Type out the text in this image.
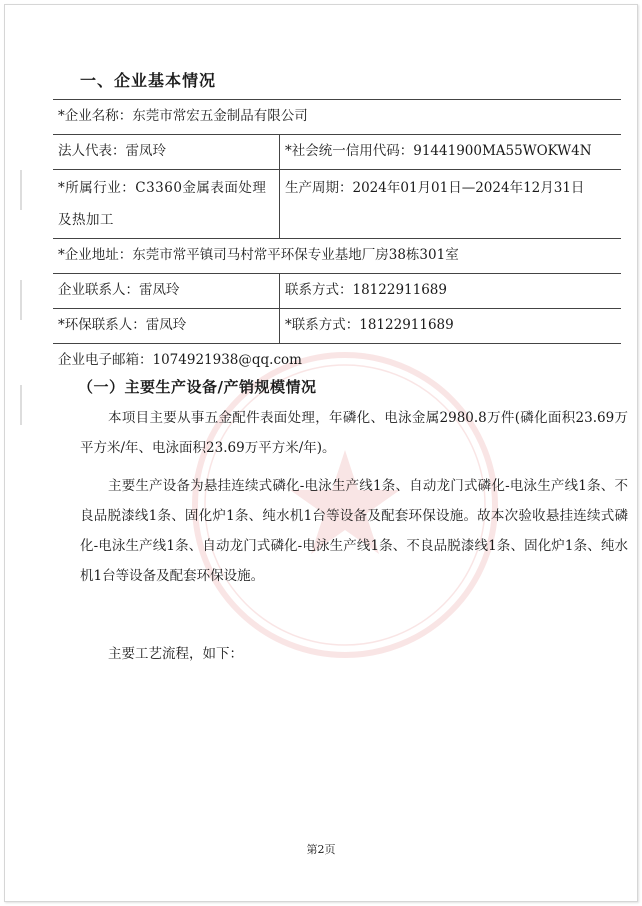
一、企业基本情况
*企业名称：东莞市常宏五金制品有限公司	
法人代表：雷凤玲	*社会统一信用代码：91441900MA55WOKW4N

*所属行业：C3360金属表面处理及热加工	生产周期：2024年01月01日—2024年12月31日
*企业地址：东莞市常平镇司马村常平环保专业基地厂房38栋301室	
企业联系人：雷凤玲	联系方式：18122911689
*环保联系人：雷凤玲	*联系方式：18122911689
企业电子邮箱：1074921938@qq.com	
（一）主要生产设备/产销规模情况

本项目主要从事五金配件表面处理，年磷化、电泳金属2980.8万件(磷化面积23.69万平方米/年、电泳面积23.69万平方米/年)。

主要生产设备为悬挂连续式磷化-电泳生产线1条、自动龙门式磷化-电泳生产线1条、不良品脱漆线1条、固化炉1条、纯水机1台等设备及配套环保设施。故本次验收悬挂连续式磷化-电泳生产线1条、自动龙门式磷化-电泳生产线1条、不良品脱漆线1条、固化炉1条、纯水机1台等设备及配套环保设施。

主要工艺流程，如下：

第2页
